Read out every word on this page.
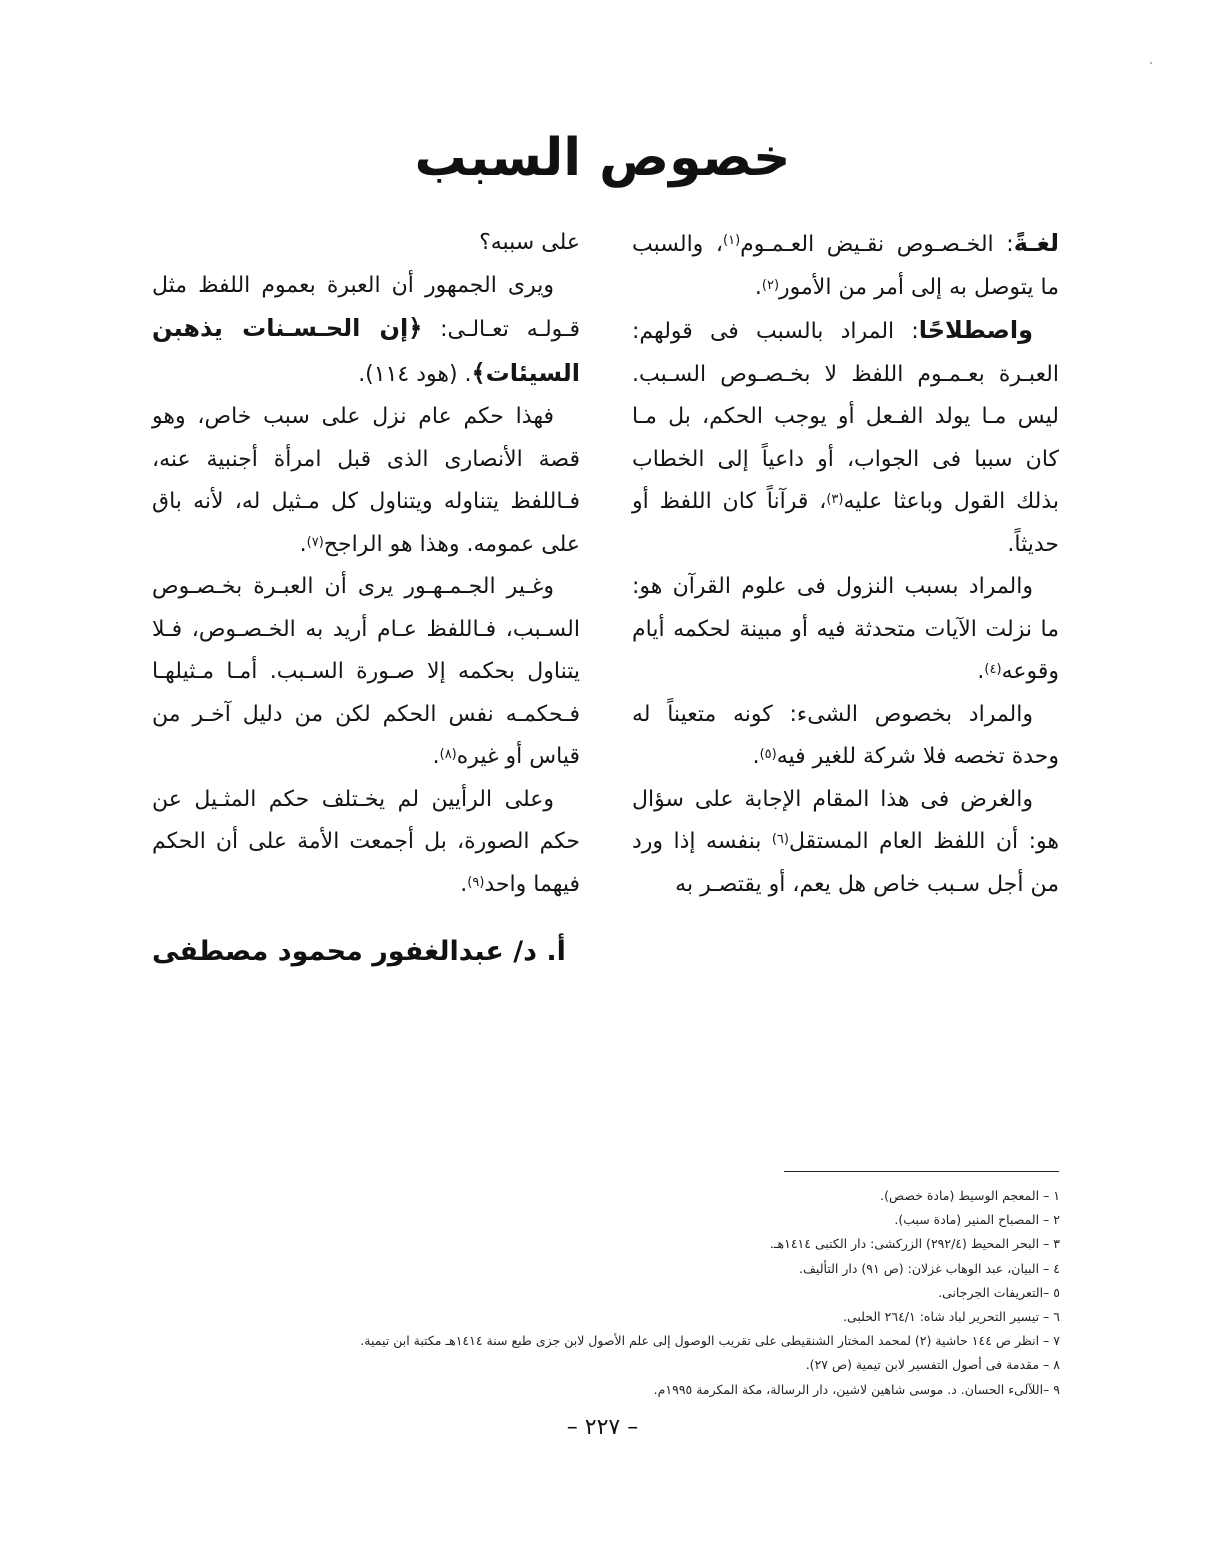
خصوص السبب

لغـةً: الخـصـوص نقـيض العـمـوم$^{(١)}$، والسبب ما يتوصل به إلى أمر من الأمور$^{(٢)}$.

واصطلاحًا: المراد بالسبب فى قولهم: العبـرة بعـمـوم اللفظ لا بخـصـوص السـبب. ليس مـا يولد الفـعل أو يوجب الحكم، بل مـا كان سببا فى الجواب، أو داعياً إلى الخطاب بذلك القول وباعثا عليه$^{(٣)}$، قرآناً كان اللفظ أو حديثاً.

والمراد بسبب النزول فى علوم القرآن هو: ما نزلت الآيات متحدثة فيه أو مبينة لحكمه أيام وقوعه$^{(٤)}$.

والمراد بخصوص الشىء: كونه متعيناً له وحدة تخصه فلا شركة للغير فيه$^{(٥)}$.

والغرض فى هذا المقام الإجابة على سؤال هو: أن اللفظ العام المستقل$^{(٦)}$ بنفسه إذا ورد من أجل سـبب خاص هل يعم، أو يقتصـر به

على سببه؟

ويرى الجمهور أن العبرة بعموم اللفظ مثل قـولـه تعـالـى: ﴿إن الحـسـنات يذهبن السيئات﴾. (هود ١١٤).

فهذا حكم عام نزل على سبب خاص، وهو قصة الأنصارى الذى قبل امرأة أجنبية عنه، فـاللفظ يتناوله ويتناول كل مـثيل له، لأنه باق على عمومه. وهذا هو الراجح$^{(٧)}$.

وغـير الجـمـهـور يرى أن العبـرة بخـصـوص السـبب، فـاللفظ عـام أريد به الخـصـوص، فـلا يتناول بحكمه إلا صـورة السـبب. أمـا مـثيلهـا فـحكمـه نفس الحكم لكن من دليل آخـر من قياس أو غيره$^{(٨)}$.

وعلى الرأيين لم يخـتلف حكم المثـيل عن حكم الصورة، بل أجمعت الأمة على أن الحكم فيهما واحد$^{(٩)}$.

أ. د/ عبدالغفور محمود مصطفى

١ – المعجم الوسيط (مادة خصص).
٢ – المصباح المنير (مادة سبب).
٣ – البحر المحيط (٢٩٢/٤) الزركشى: دار الكتبى ١٤١٤هـ.
٤ – البيان، عبد الوهاب غزلان: (ص ٩١) دار التأليف.
٥ –التعريفات الجرجانى.
٦ – تيسير التحرير لباد شاه: ٢٦٤/١ الحلبى.
٧ – انظر ص ١٤٤ حاشية (٢) لمحمد المختار الشنقيطى على تقريب الوصول إلى علم الأصول لابن جزى طبع سنة ١٤١٤هـ مكتبة ابن تيمية.
٨ – مقدمة فى أصول التفسير لابن تيمية (ص ٢٧).
٩ –اللآلىء الحسان. د. موسى شاهين لاشين، دار الرسالة، مكة المكرمة ١٩٩٥م.
– ٢٢٧ –
